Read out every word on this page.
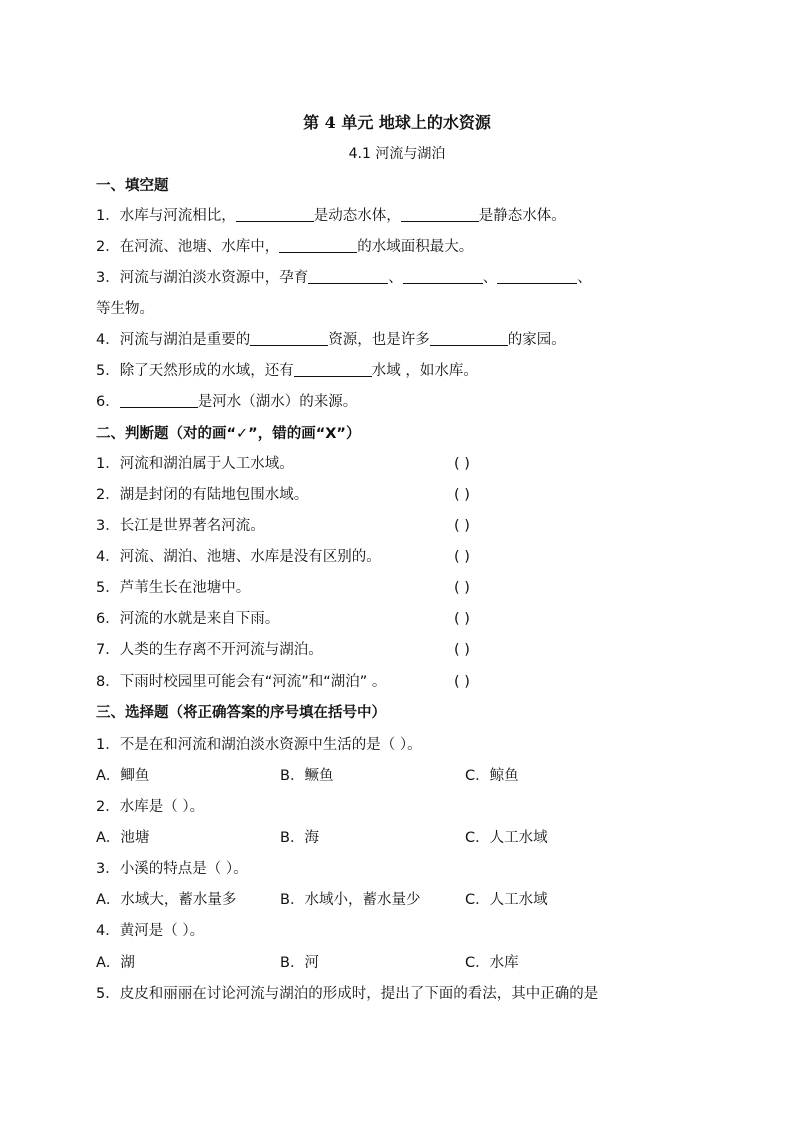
第 4 单元 地球上的水资源
4.1 河流与湖泊
一、填空题
1．水库与河流相比，	是动态水体，	是静态水体。
2．在河流、池塘、水库中，	的水域面积最大。
3．河流与湖泊淡水资源中，孕育	、	、	、
等生物。
4．河流与湖泊是重要的	资源，也是许多	的家园。
5．除了天然形成的水域，还有	水域 ，如水库。
6．	是河水（湖水）的来源。
二、判断题（对的画“✓”，错的画“X”）
1．河流和湖泊属于人工水域。	( )
2．湖是封闭的有陆地包围水域。	( )
3．长江是世界著名河流。	( )
4．河流、湖泊、池塘、水库是没有区别的。	( )
5．芦苇生长在池塘中。	( )
6．河流的水就是来自下雨。	( )
7．人类的生存离不开河流与湖泊。	( )
8．下雨时校园里可能会有“河流”和“湖泊” 。	( )
三、选择题（将正确答案的序号填在括号中）
1．不是在和河流和湖泊淡水资源中生活的是（ ）。
A．鲫鱼	B．鳜鱼	C．鲸鱼
2．水库是（ ）。
A．池塘	B．海	C．人工水域
3．小溪的特点是（ ）。
A．水域大，蓄水量多	B．水域小，蓄水量少	C．人工水域
4．黄河是（ ）。
A．湖	B．河	C．水库
5．皮皮和丽丽在讨论河流与湖泊的形成时，提出了下面的看法，其中正确的是
